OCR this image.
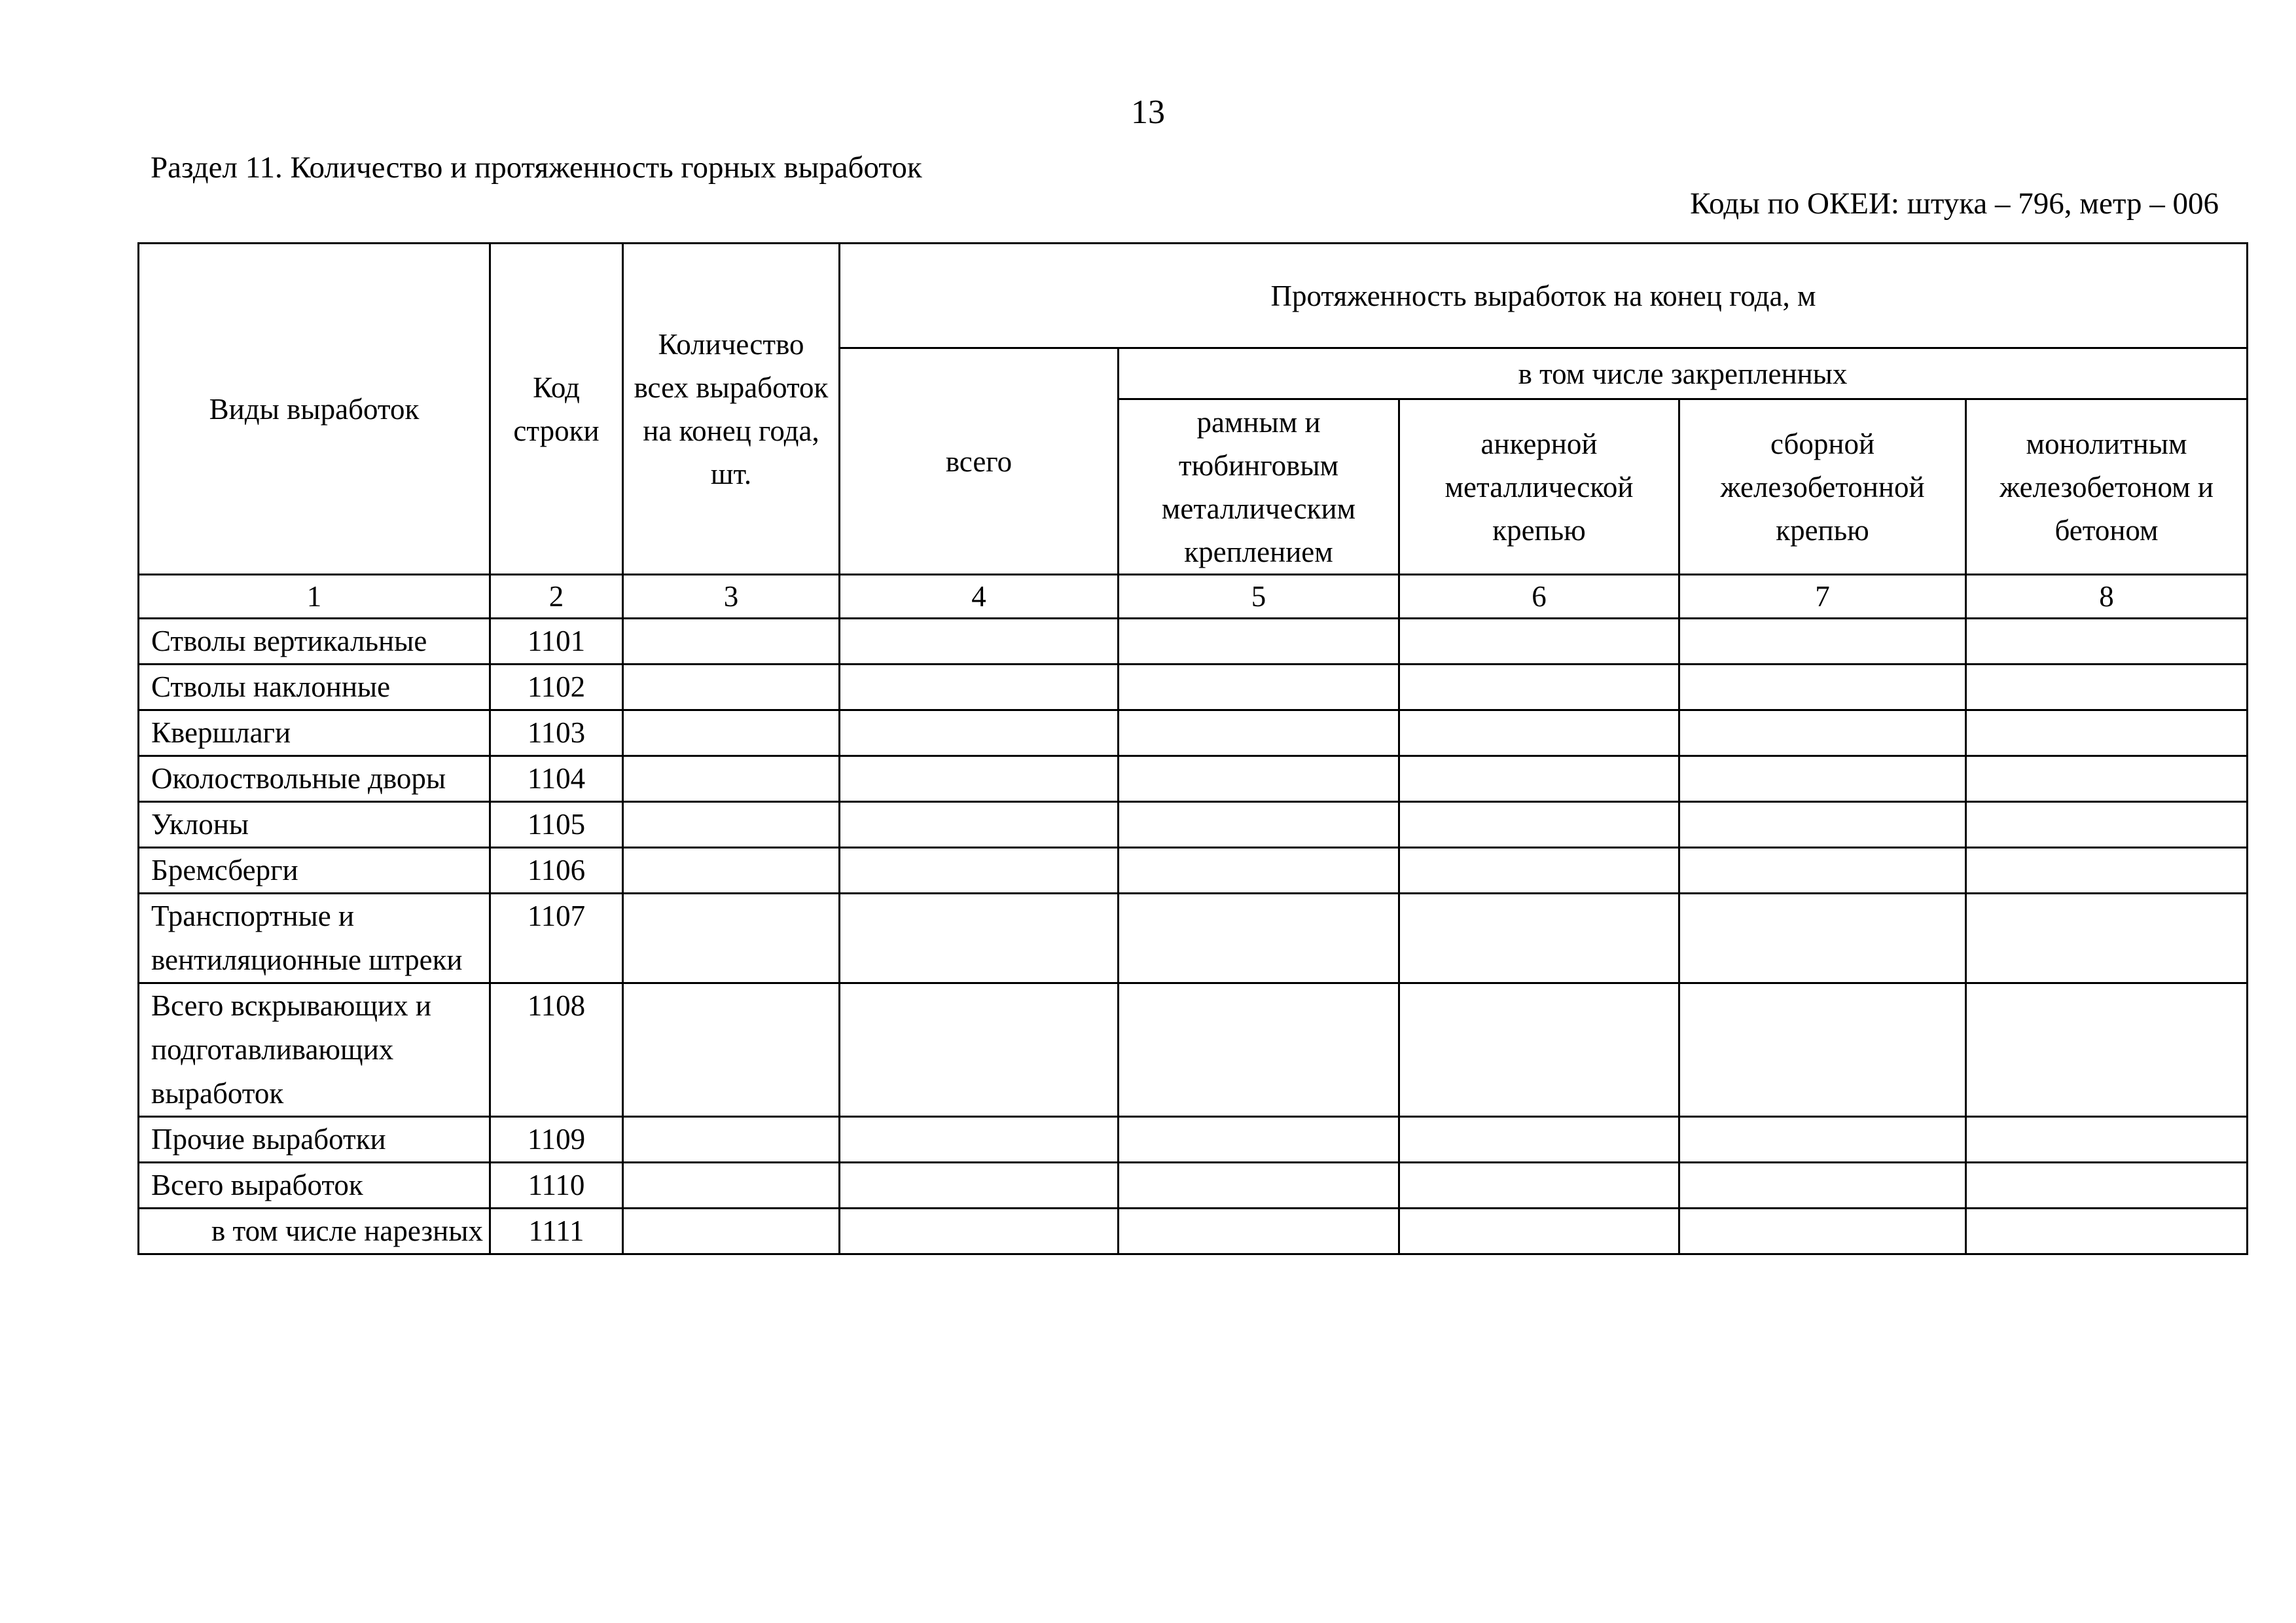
13
Раздел 11. Количество и протяженность горных выработок
Коды по ОКЕИ: штука – 796, метр – 006
Виды выработок	Код строки	Количество всех выработок на конец года, шт.	Протяженность выработок на конец года, м				
			всего	в том числе закрепленных			
				рамным и тюбинговым металлическим креплением	анкерной металлической крепью	сборной железобетонной крепью	монолитным железобетоном и бетоном
1	2	3	4	5	6	7	8
Стволы вертикальные	1101						
Стволы наклонные	1102						
Квершлаги	1103						
Околоствольные дворы	1104						
Уклоны	1105						
Бремсберги	1106						
Транспортные и вентиляционные штреки	1107						
Всего вскрывающих и подготавливающих выработок	1108						
Прочие выработки	1109						
Всего выработок	1110						
в том числе нарезных	1111						
